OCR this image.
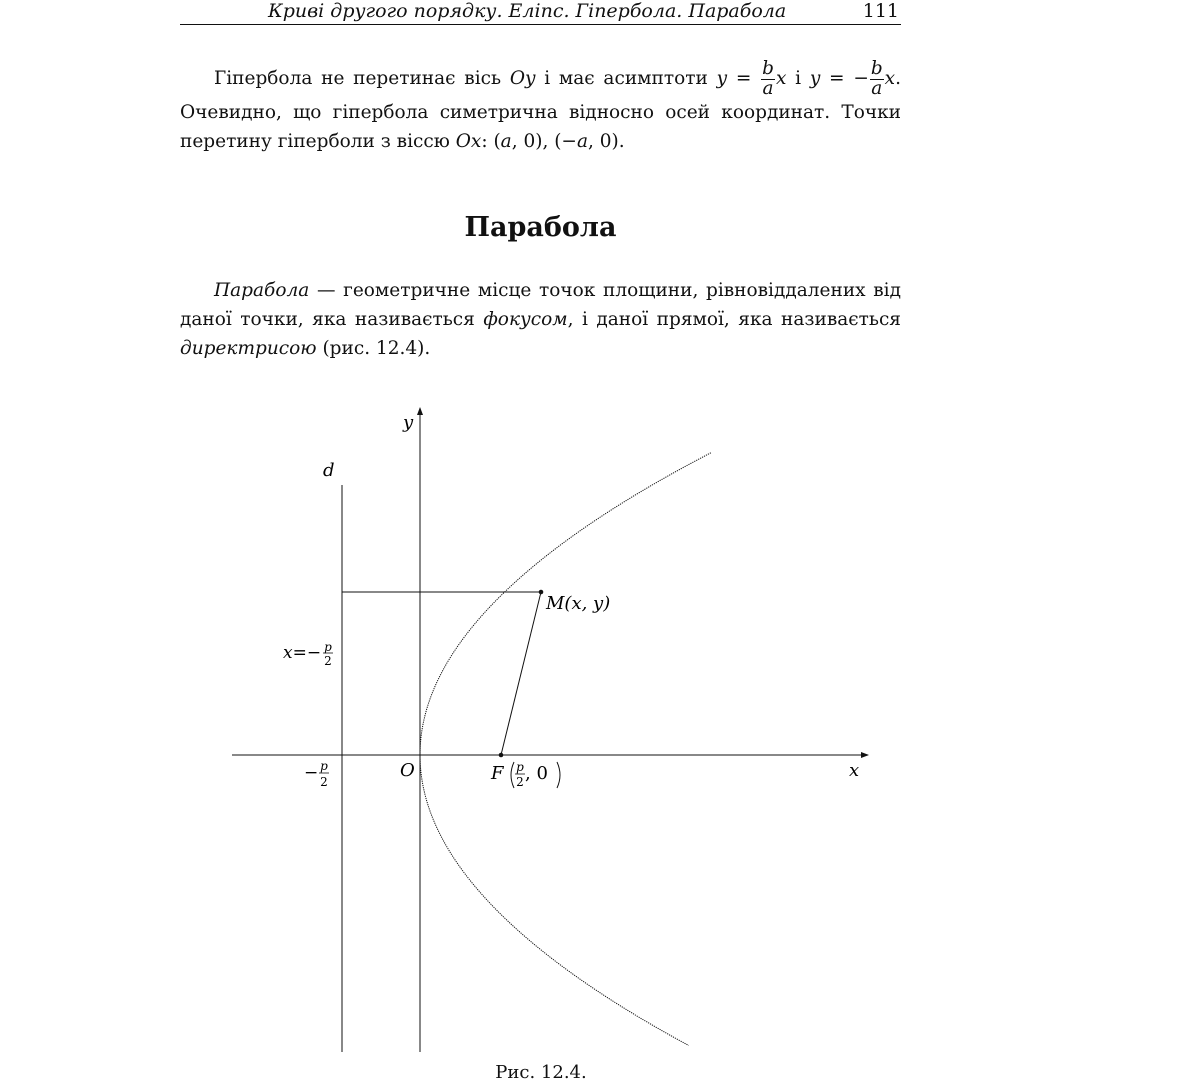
Криві другого порядку. Еліпс. Гіпербола. Парабола	111
Гіпербола не перетинає вісь Oy і має асимптоти $y = \frac{b}{a}$ x і y = − $\frac{b}{a} x$. Очевидно, що гіпербола симетрична відносно осей координат. Точки перетину гіперболи з віссю Ox: (a, 0), (−a, 0).
Парабола
Парабола — геометричне місце точок площини, рівновіддалених від даної точки, яка називається фокусом, і даної прямої, яка називається директрисою (рис. 12.4).
y
x
d
M(x, y)
O	F p
2 , 0
x=− p
2
− p
2
Рис. 12.4.
